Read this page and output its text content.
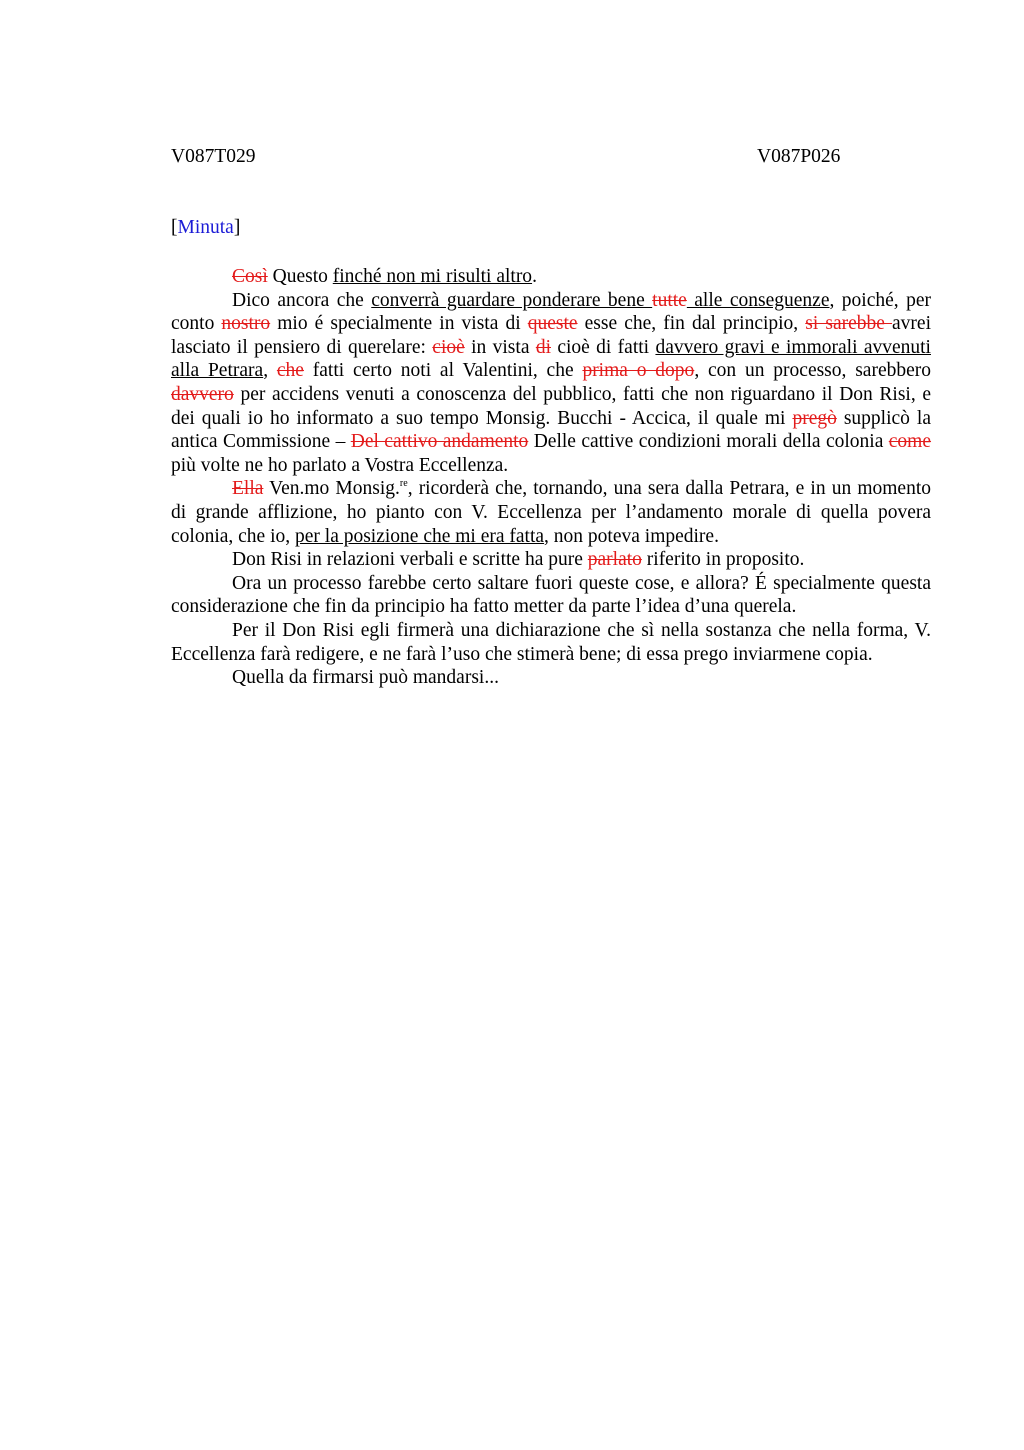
V087T029	V087P026
[Minuta]

Così Questo finché non mi risulti altro.

Dico ancora che converrà guardare ponderare bene tutte alle conseguenze, poiché, per conto nostro mio é specialmente in vista di queste esse che, fin dal principio, si sarebbe avrei lasciato il pensiero di querelare: cioè in vista di cioè di fatti davvero gravi e immorali avvenuti alla Petrara, che fatti certo noti al Valentini, che prima o dopo, con un processo, sarebbero davvero per accidens venuti a conoscenza del pubblico, fatti che non riguardano il Don Risi, e dei quali io ho informato a suo tempo Monsig. Bucchi - Accica, il quale mi pregò supplicò la antica Commissione – Del cattivo andamento Delle cattive condizioni morali della colonia come più volte ne ho parlato a Vostra Eccellenza.

Ella Ven.mo Monsig.$^{re}$, ricorderà che, tornando, una sera dalla Petrara, e in un momento di grande afflizione, ho pianto con V. Eccellenza per l’andamento morale di quella povera colonia, che io, per la posizione che mi era fatta, non poteva impedire.

Don Risi in relazioni verbali e scritte ha pure parlato riferito in proposito.

Ora un processo farebbe certo saltare fuori queste cose, e allora? É specialmente questa considerazione che fin da principio ha fatto metter da parte l’idea d’una querela.

Per il Don Risi egli firmerà una dichiarazione che sì nella sostanza che nella forma, V. Eccellenza farà redigere, e ne farà l’uso che stimerà bene; di essa prego inviarmene copia.

Quella da firmarsi può mandarsi...
